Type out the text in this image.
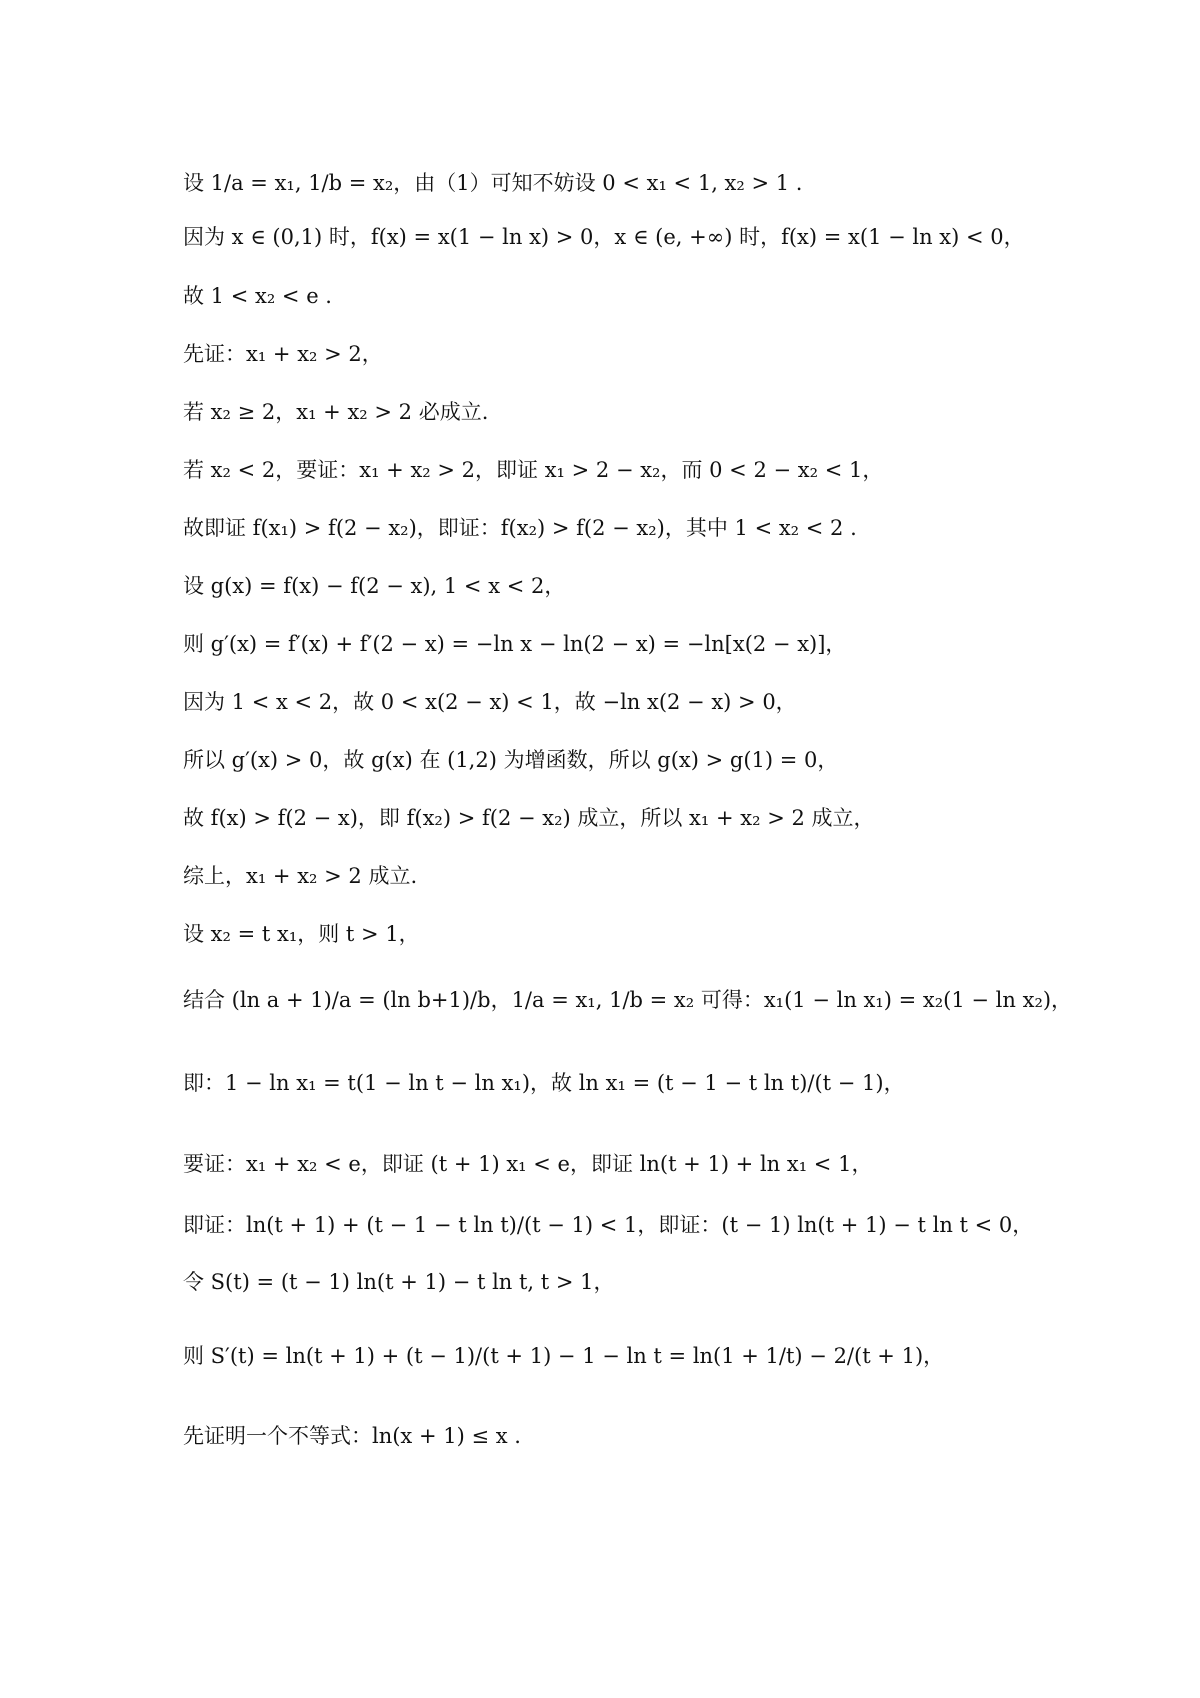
设 1/a = x₁, 1/b = x₂，由（1）可知不妨设 0 < x₁ < 1, x₂ > 1 .
因为 x ∈ (0,1) 时，f(x) = x(1 − ln x) > 0，x ∈ (e, +∞) 时，f(x) = x(1 − ln x) < 0，
故 1 < x₂ < e .
先证：x₁ + x₂ > 2，
若 x₂ ≥ 2，x₁ + x₂ > 2 必成立.
若 x₂ < 2，要证：x₁ + x₂ > 2，即证 x₁ > 2 − x₂，而 0 < 2 − x₂ < 1，
故即证 f(x₁) > f(2 − x₂)，即证：f(x₂) > f(2 − x₂)，其中 1 < x₂ < 2 .
设 g(x) = f(x) − f(2 − x), 1 < x < 2，
则 g′(x) = f′(x) + f′(2 − x) = −ln x − ln(2 − x) = −ln[x(2 − x)]，
因为 1 < x < 2，故 0 < x(2 − x) < 1，故 −ln x(2 − x) > 0，
所以 g′(x) > 0，故 g(x) 在 (1,2) 为增函数，所以 g(x) > g(1) = 0，
故 f(x) > f(2 − x)，即 f(x₂) > f(2 − x₂) 成立，所以 x₁ + x₂ > 2 成立，
综上，x₁ + x₂ > 2 成立.
设 x₂ = t x₁，则 t > 1，
结合 (ln a + 1)/a = (ln b+1)/b，1/a = x₁, 1/b = x₂ 可得：x₁(1 − ln x₁) = x₂(1 − ln x₂)，
即：1 − ln x₁ = t(1 − ln t − ln x₁)，故 ln x₁ = (t − 1 − t ln t)/(t − 1)，
要证：x₁ + x₂ < e，即证 (t + 1) x₁ < e，即证 ln(t + 1) + ln x₁ < 1，
即证：ln(t + 1) + (t − 1 − t ln t)/(t − 1) < 1，即证：(t − 1) ln(t + 1) − t ln t < 0，
令 S(t) = (t − 1) ln(t + 1) − t ln t, t > 1，
则 S′(t) = ln(t + 1) + (t − 1)/(t + 1) − 1 − ln t = ln(1 + 1/t) − 2/(t + 1)，
先证明一个不等式：ln(x + 1) ≤ x .
